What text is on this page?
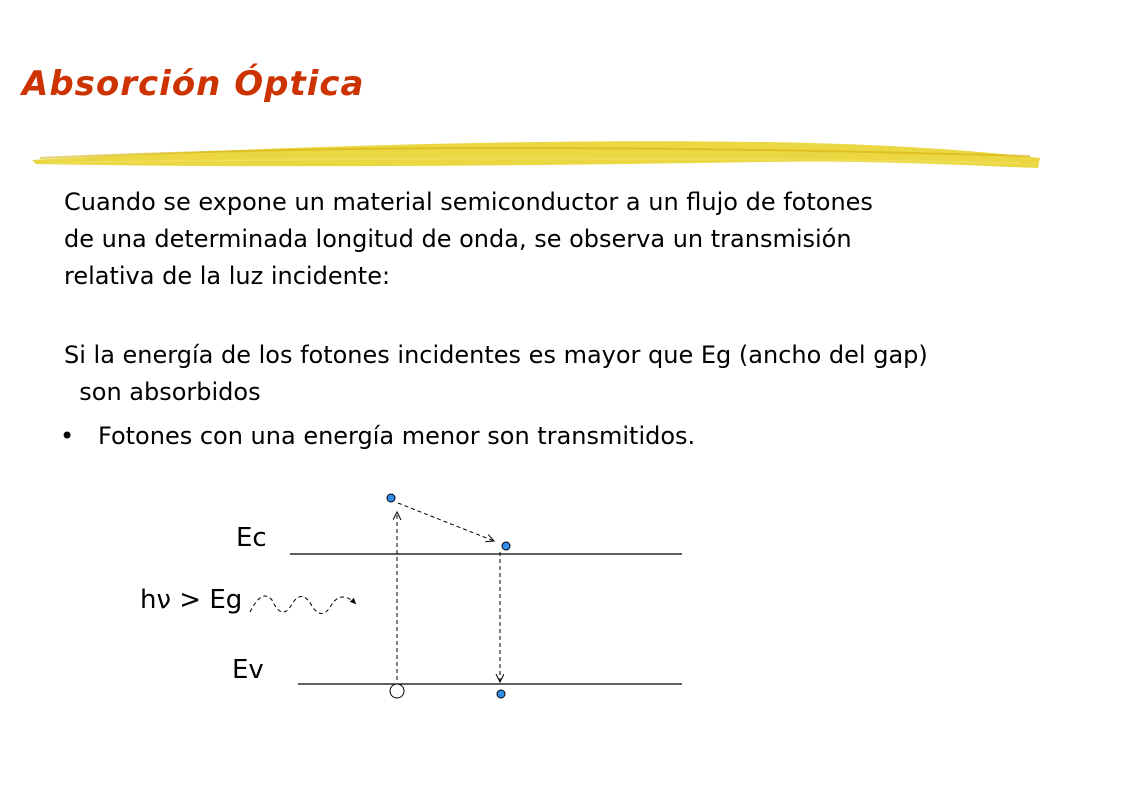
Absorción Óptica
Cuando se expone un material semiconductor a un flujo de fotones
de una determinada longitud de onda, se observa un transmisión
relativa de la luz incidente:
Si la energía de los fotones incidentes es mayor que Eg (ancho del gap)
son absorbidos
• Fotones con una energía menor son transmitidos.
Ec
Ev
hν > Eg
